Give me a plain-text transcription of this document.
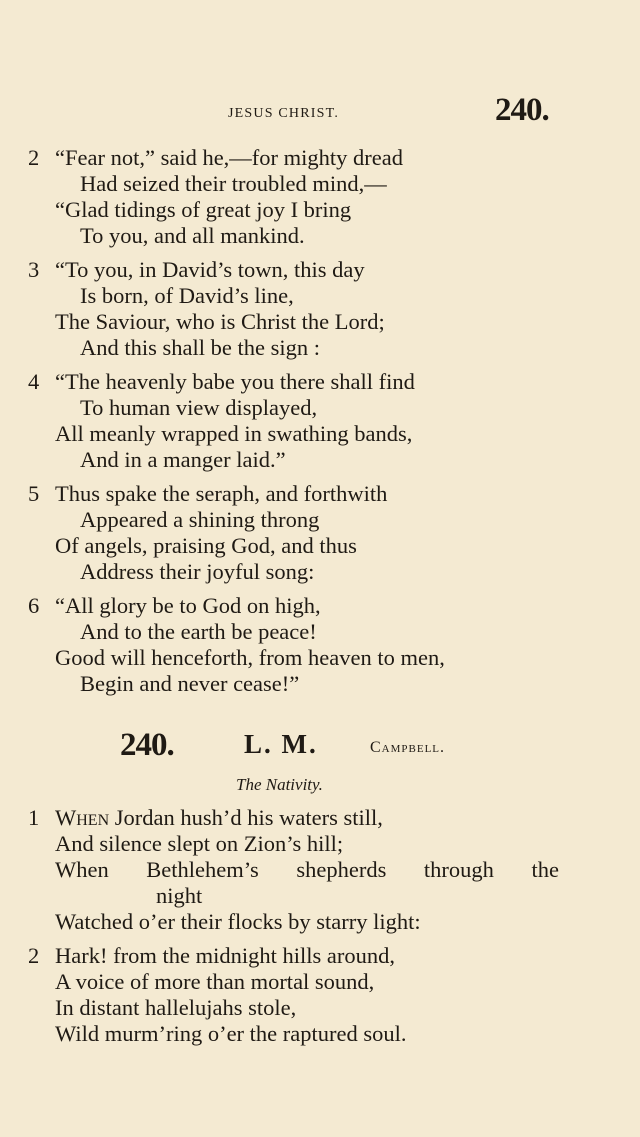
JESUS CHRIST.	240.
2 “Fear not,” said he,—for mighty dread
Had seized their troubled mind,—
“Glad tidings of great joy I bring
To you, and all mankind.
3 “To you, in David’s town, this day
Is born, of David’s line,
The Saviour, who is Christ the Lord;
And this shall be the sign :
4 “The heavenly babe you there shall find
To human view displayed,
All meanly wrapped in swathing bands,
And in a manger laid.”
5 Thus spake the seraph, and forthwith
Appeared a shining throng
Of angels, praising God, and thus
Address their joyful song:
6 “All glory be to God on high,
And to the earth be peace!
Good will henceforth, from heaven to men,
Begin and never cease!”
240.	L. M.	Campbell.
The Nativity.
1 When Jordan hush’d his waters still,
And silence slept on Zion’s hill;
When Bethlehem’s shepherds through the
night
Watched o’er their flocks by starry light:
2 Hark! from the midnight hills around,
A voice of more than mortal sound,
In distant hallelujahs stole,
Wild murm’ring o’er the raptured soul.
